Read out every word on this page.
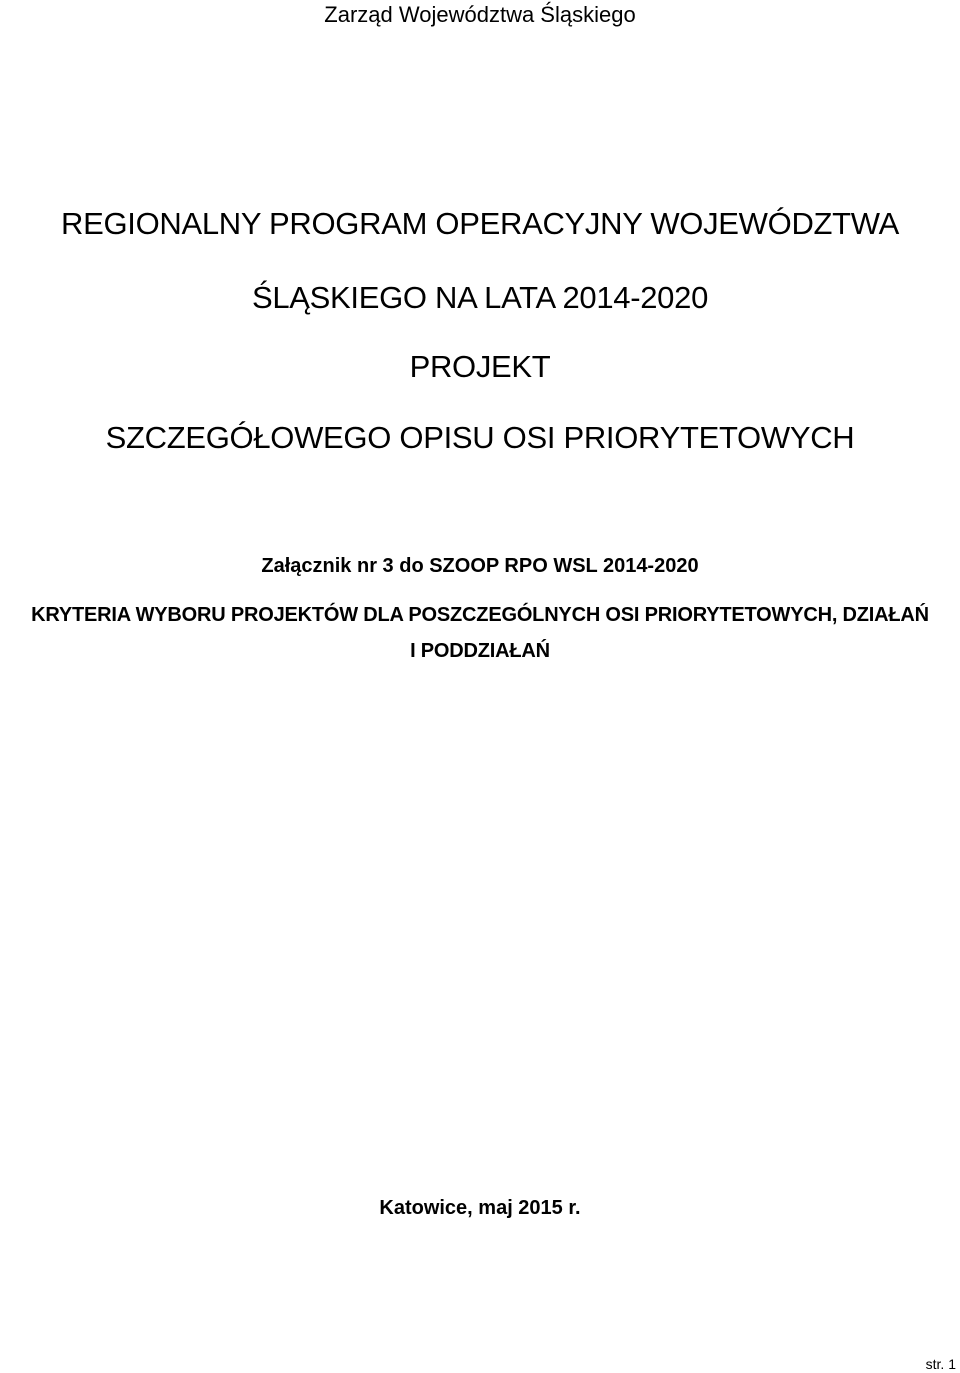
Zarząd Województwa Śląskiego

REGIONALNY PROGRAM OPERACYJNY WOJEWÓDZTWA
ŚLĄSKIEGO NA LATA 2014-2020
PROJEKT
SZCZEGÓŁOWEGO OPISU OSI PRIORYTETOWYCH

Załącznik nr 3 do SZOOP RPO WSL 2014-2020

KRYTERIA WYBORU PROJEKTÓW DLA POSZCZEGÓLNYCH OSI PRIORYTETOWYCH, DZIAŁAŃ

I PODDZIAŁAŃ

Katowice, maj 2015 r.

str. 1
